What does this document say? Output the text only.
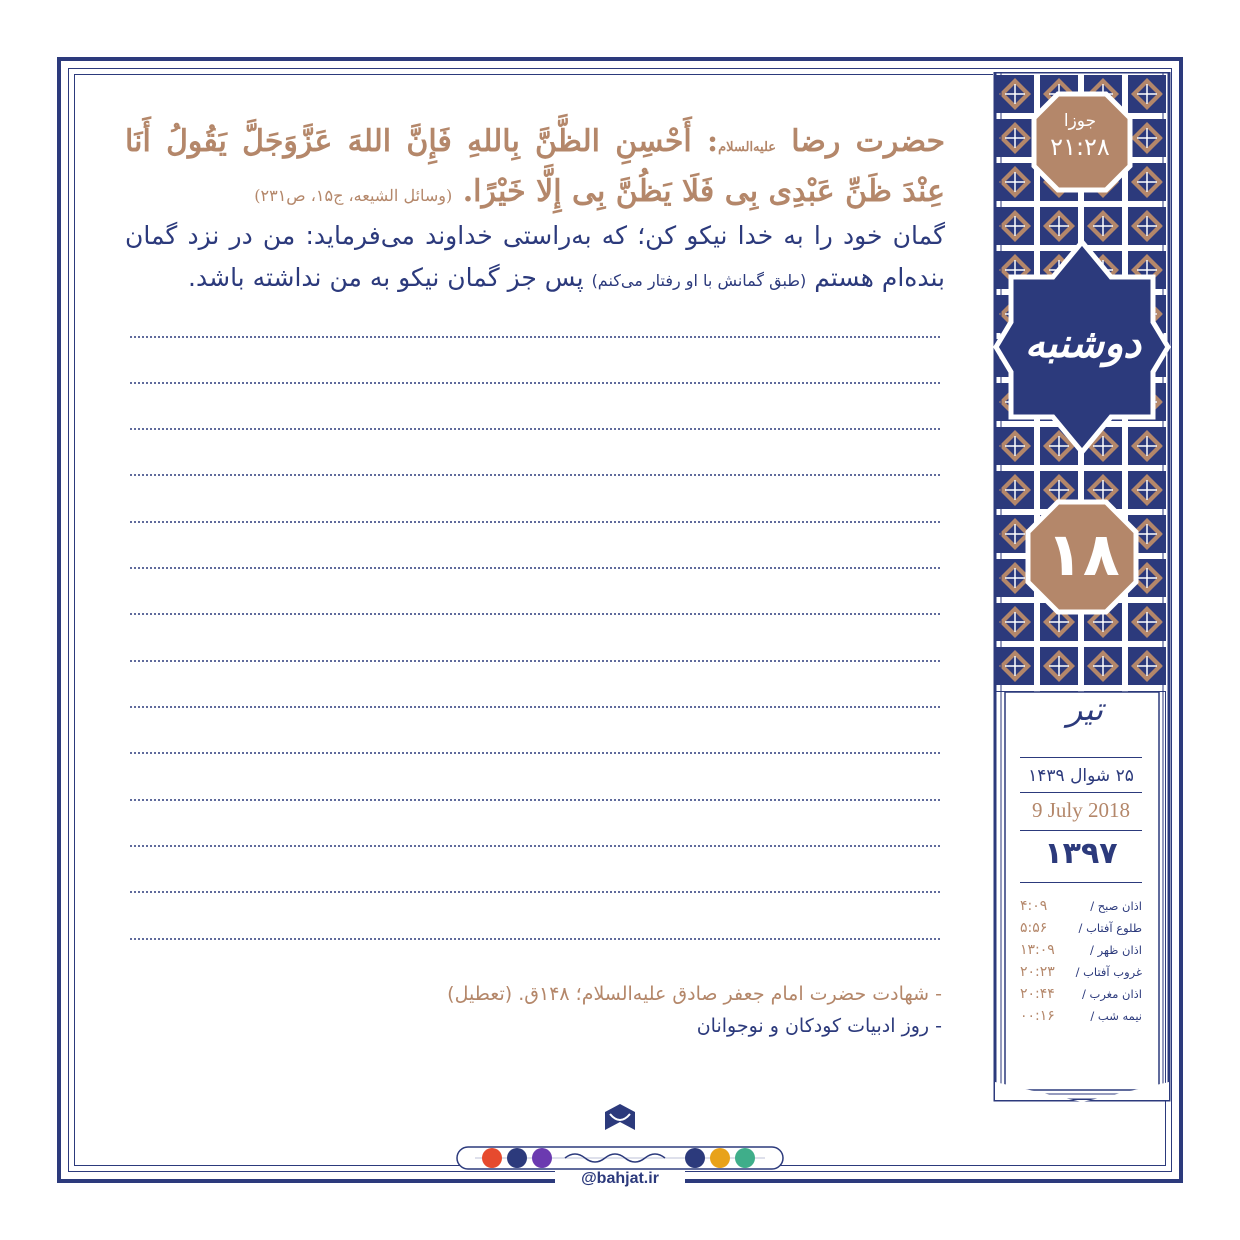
حضرت رضا علیه‌السلام: أَحْسِنِ الظَّنَّ بِاللهِ فَإِنَّ اللهَ عَزَّوَجَلَّ یَقُولُ أَنَا عِنْدَ ظَنِّ عَبْدِی بِی فَلَا یَظُنَّ بِی إِلَّا خَیْرًا. (وسائل الشیعه، ج۱۵، ص۲۳۱)
گمان خود را به خدا نیکو کن؛ که به‌راستی خداوند می‌فرماید: من در نزد گمان بنده‌ام هستم (طبق گمانش با او رفتار می‌کنم) پس جز گمان نیکو به من نداشته باشد.
- شهادت حضرت امام جعفر صادق علیه‌السلام؛ ۱۴۸ق. (تعطیل)
- روز ادبیات کودکان و نوجوانان
جوزا
۲۱:۲۸
دوشنبه
۱۸
تیر
۲۵ شوال ۱۴۳۹
9 July 2018
۱۳۹۷
اذان صبح /
۴:۰۹
طلوع آفتاب /
۵:۵۶
اذان ظهر /
۱۳:۰۹
غروب آفتاب /
۲۰:۲۳
اذان مغرب /
۲۰:۴۴
نیمه شب /
۰۰:۱۶
@bahjat.ir
